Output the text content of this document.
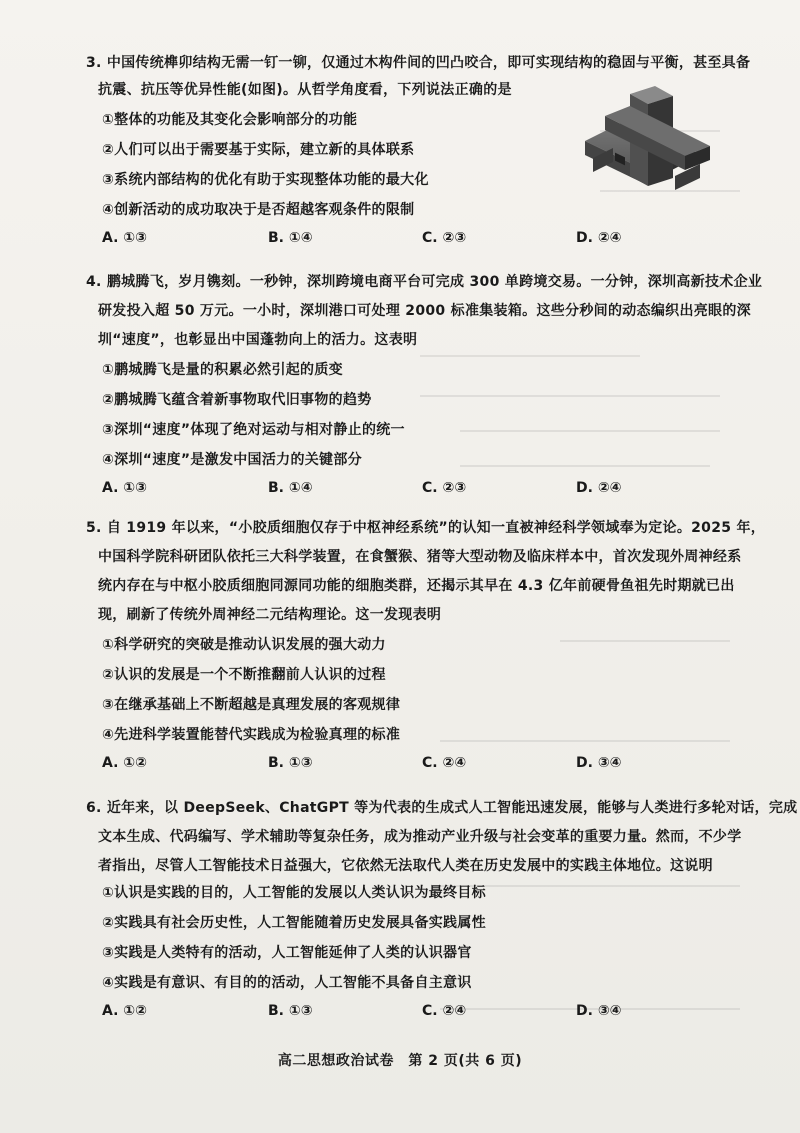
3. 中国传统榫卯结构无需一钉一铆，仅通过木构件间的凹凸咬合，即可实现结构的稳固与平衡，甚至具备
抗震、抗压等优异性能(如图)。从哲学角度看，下列说法正确的是
①整体的功能及其变化会影响部分的功能
②人们可以出于需要基于实际，建立新的具体联系
③系统内部结构的优化有助于实现整体功能的最大化
④创新活动的成功取决于是否超越客观条件的限制
A. ①③	B. ①④	C. ②③	D. ②④
4. 鹏城腾飞，岁月镌刻。一秒钟，深圳跨境电商平台可完成 300 单跨境交易。一分钟，深圳高新技术企业
研发投入超 50 万元。一小时，深圳港口可处理 2000 标准集装箱。这些分秒间的动态编织出亮眼的深
圳“速度”，也彰显出中国蓬勃向上的活力。这表明
①鹏城腾飞是量的积累必然引起的质变
②鹏城腾飞蕴含着新事物取代旧事物的趋势
③深圳“速度”体现了绝对运动与相对静止的统一
④深圳“速度”是激发中国活力的关键部分
A. ①③	B. ①④	C. ②③	D. ②④
5. 自 1919 年以来，“小胶质细胞仅存于中枢神经系统”的认知一直被神经科学领域奉为定论。2025 年，
中国科学院科研团队依托三大科学装置，在食蟹猴、猪等大型动物及临床样本中，首次发现外周神经系
统内存在与中枢小胶质细胞同源同功能的细胞类群，还揭示其早在 4.3 亿年前硬骨鱼祖先时期就已出
现，刷新了传统外周神经二元结构理论。这一发现表明
①科学研究的突破是推动认识发展的强大动力
②认识的发展是一个不断推翻前人认识的过程
③在继承基础上不断超越是真理发展的客观规律
④先进科学装置能替代实践成为检验真理的标准
A. ①②	B. ①③	C. ②④	D. ③④
6. 近年来，以 DeepSeek、ChatGPT 等为代表的生成式人工智能迅速发展，能够与人类进行多轮对话，完成
文本生成、代码编写、学术辅助等复杂任务，成为推动产业升级与社会变革的重要力量。然而，不少学
者指出，尽管人工智能技术日益强大，它依然无法取代人类在历史发展中的实践主体地位。这说明
①认识是实践的目的，人工智能的发展以人类认识为最终目标
②实践具有社会历史性，人工智能随着历史发展具备实践属性
③实践是人类特有的活动，人工智能延伸了人类的认识器官
④实践是有意识、有目的的活动，人工智能不具备自主意识
A. ①②	B. ①③	C. ②④	D. ③④
高二思想政治试卷　第 2 页(共 6 页)
